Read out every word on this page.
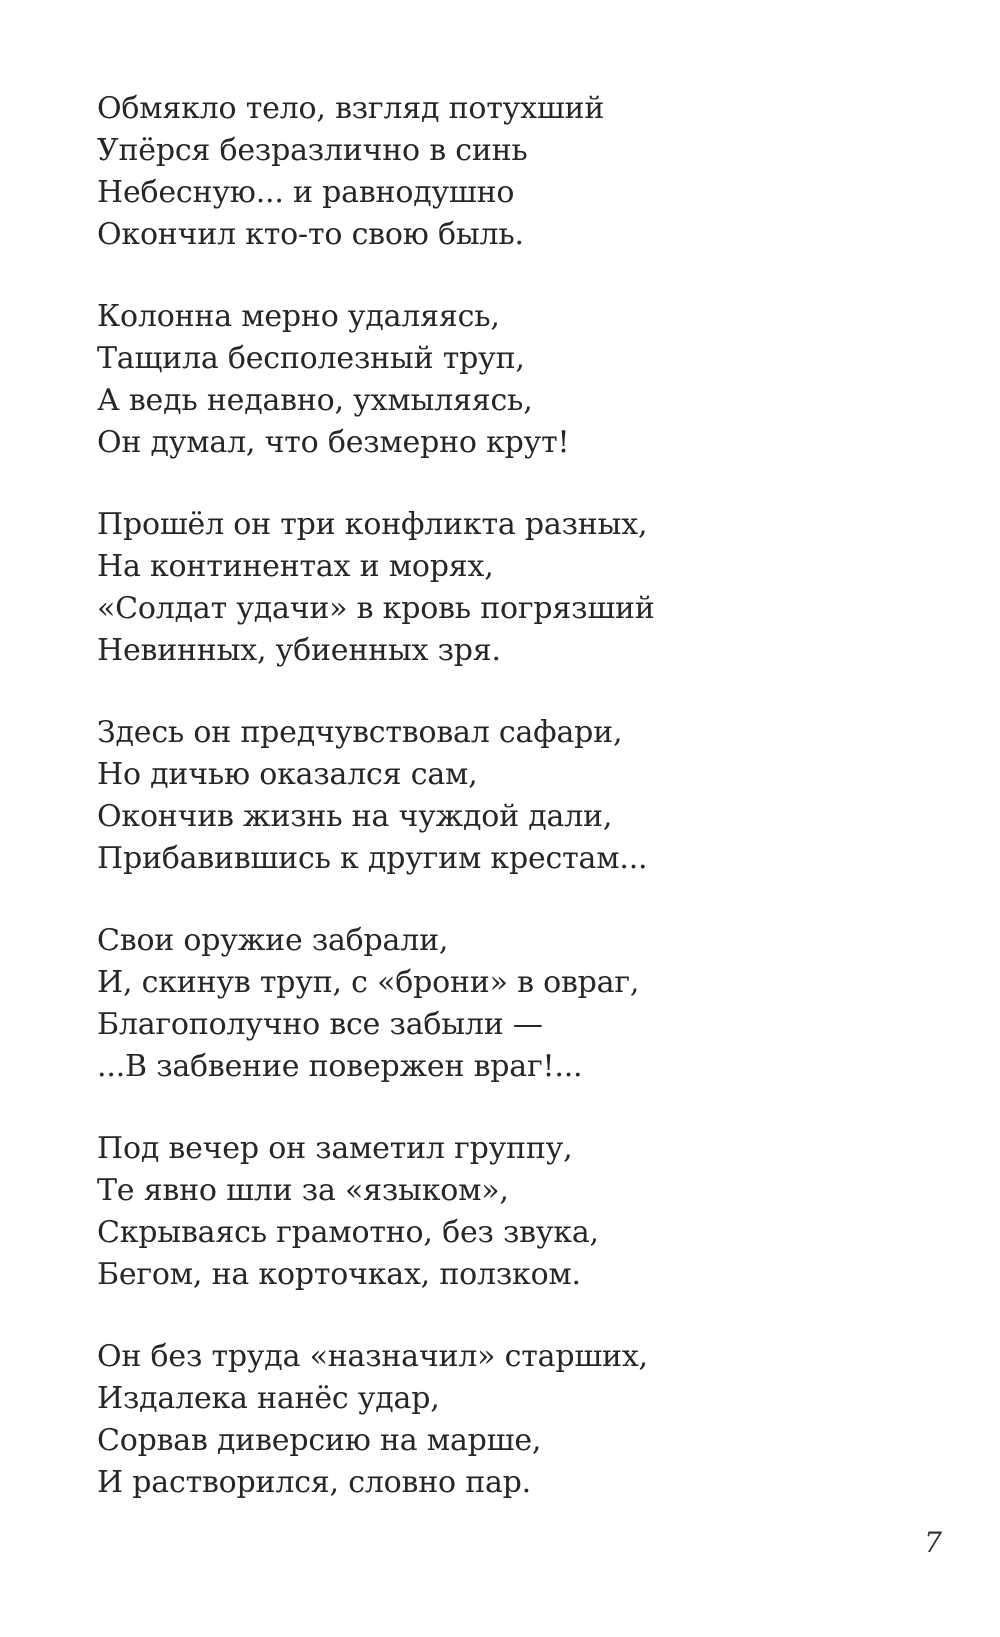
Обмякло тело, взгляд потухший
Упёрся безразлично в синь
Небесную... и равнодушно
Окончил кто-то свою быль.
Колонна мерно удаляясь,
Тащила бесполезный труп,
А ведь недавно, ухмыляясь,
Он думал, что безмерно крут!
Прошёл он три конфликта разных,
На континентах и морях,
«Солдат удачи» в кровь погрязший
Невинных, убиенных зря.
Здесь он предчувствовал сафари,
Но дичью оказался сам,
Окончив жизнь на чуждой дали,
Прибавившись к другим крестам...
Свои оружие забрали,
И, скинув труп, с «брони» в овраг,
Благополучно все забыли —
...В забвение повержен враг!...
Под вечер он заметил группу,
Те явно шли за «языком»,
Скрываясь грамотно, без звука,
Бегом, на корточках, ползком.
Он без труда «назначил» старших,
Издалека нанёс удар,
Сорвав диверсию на марше,
И растворился, словно пар.
7
